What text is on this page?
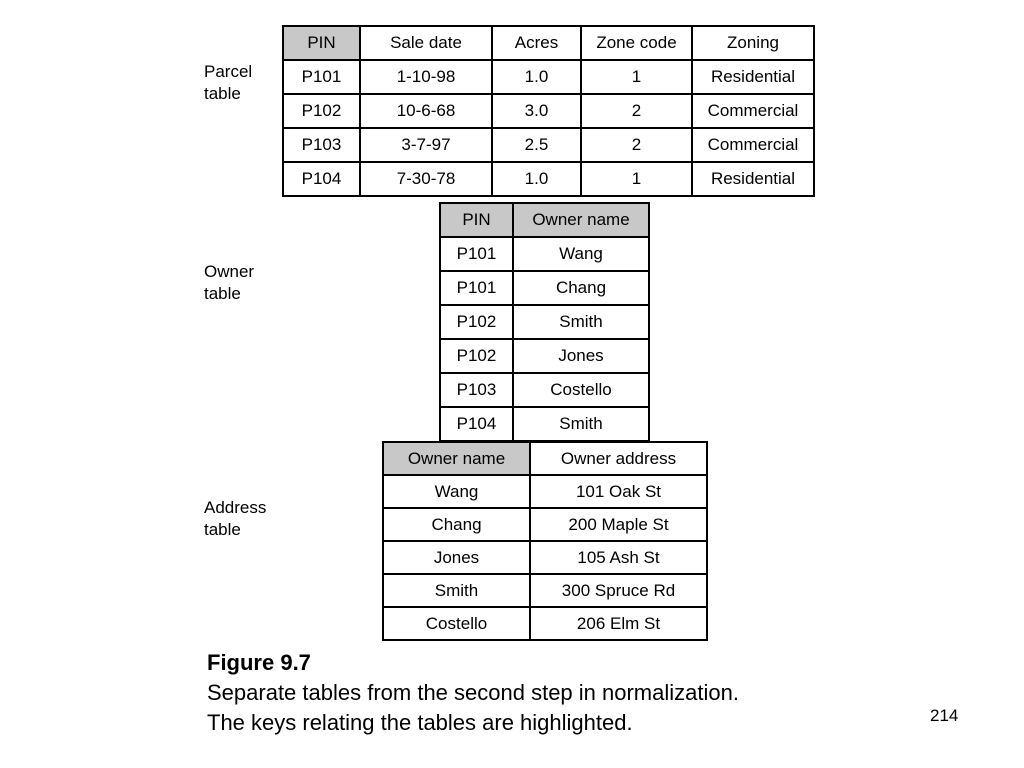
Parcel
table
PIN	Sale date	Acres	Zone code	Zoning
P101	1-10-98	1.0	1	Residential
P102	10-6-68	3.0	2	Commercial
P103	3-7-97	2.5	2	Commercial
P104	7-30-78	1.0	1	Residential
Owner
table
PIN	Owner name
P101	Wang
P101	Chang
P102	Smith
P102	Jones
P103	Costello
P104	Smith
Address
table
Owner name	Owner address
Wang	101 Oak St
Chang	200 Maple St
Jones	105 Ash St
Smith	300 Spruce Rd
Costello	206 Elm St
Figure 9.7
Separate tables from the second step in normalization.
The keys relating the tables are highlighted.	214
